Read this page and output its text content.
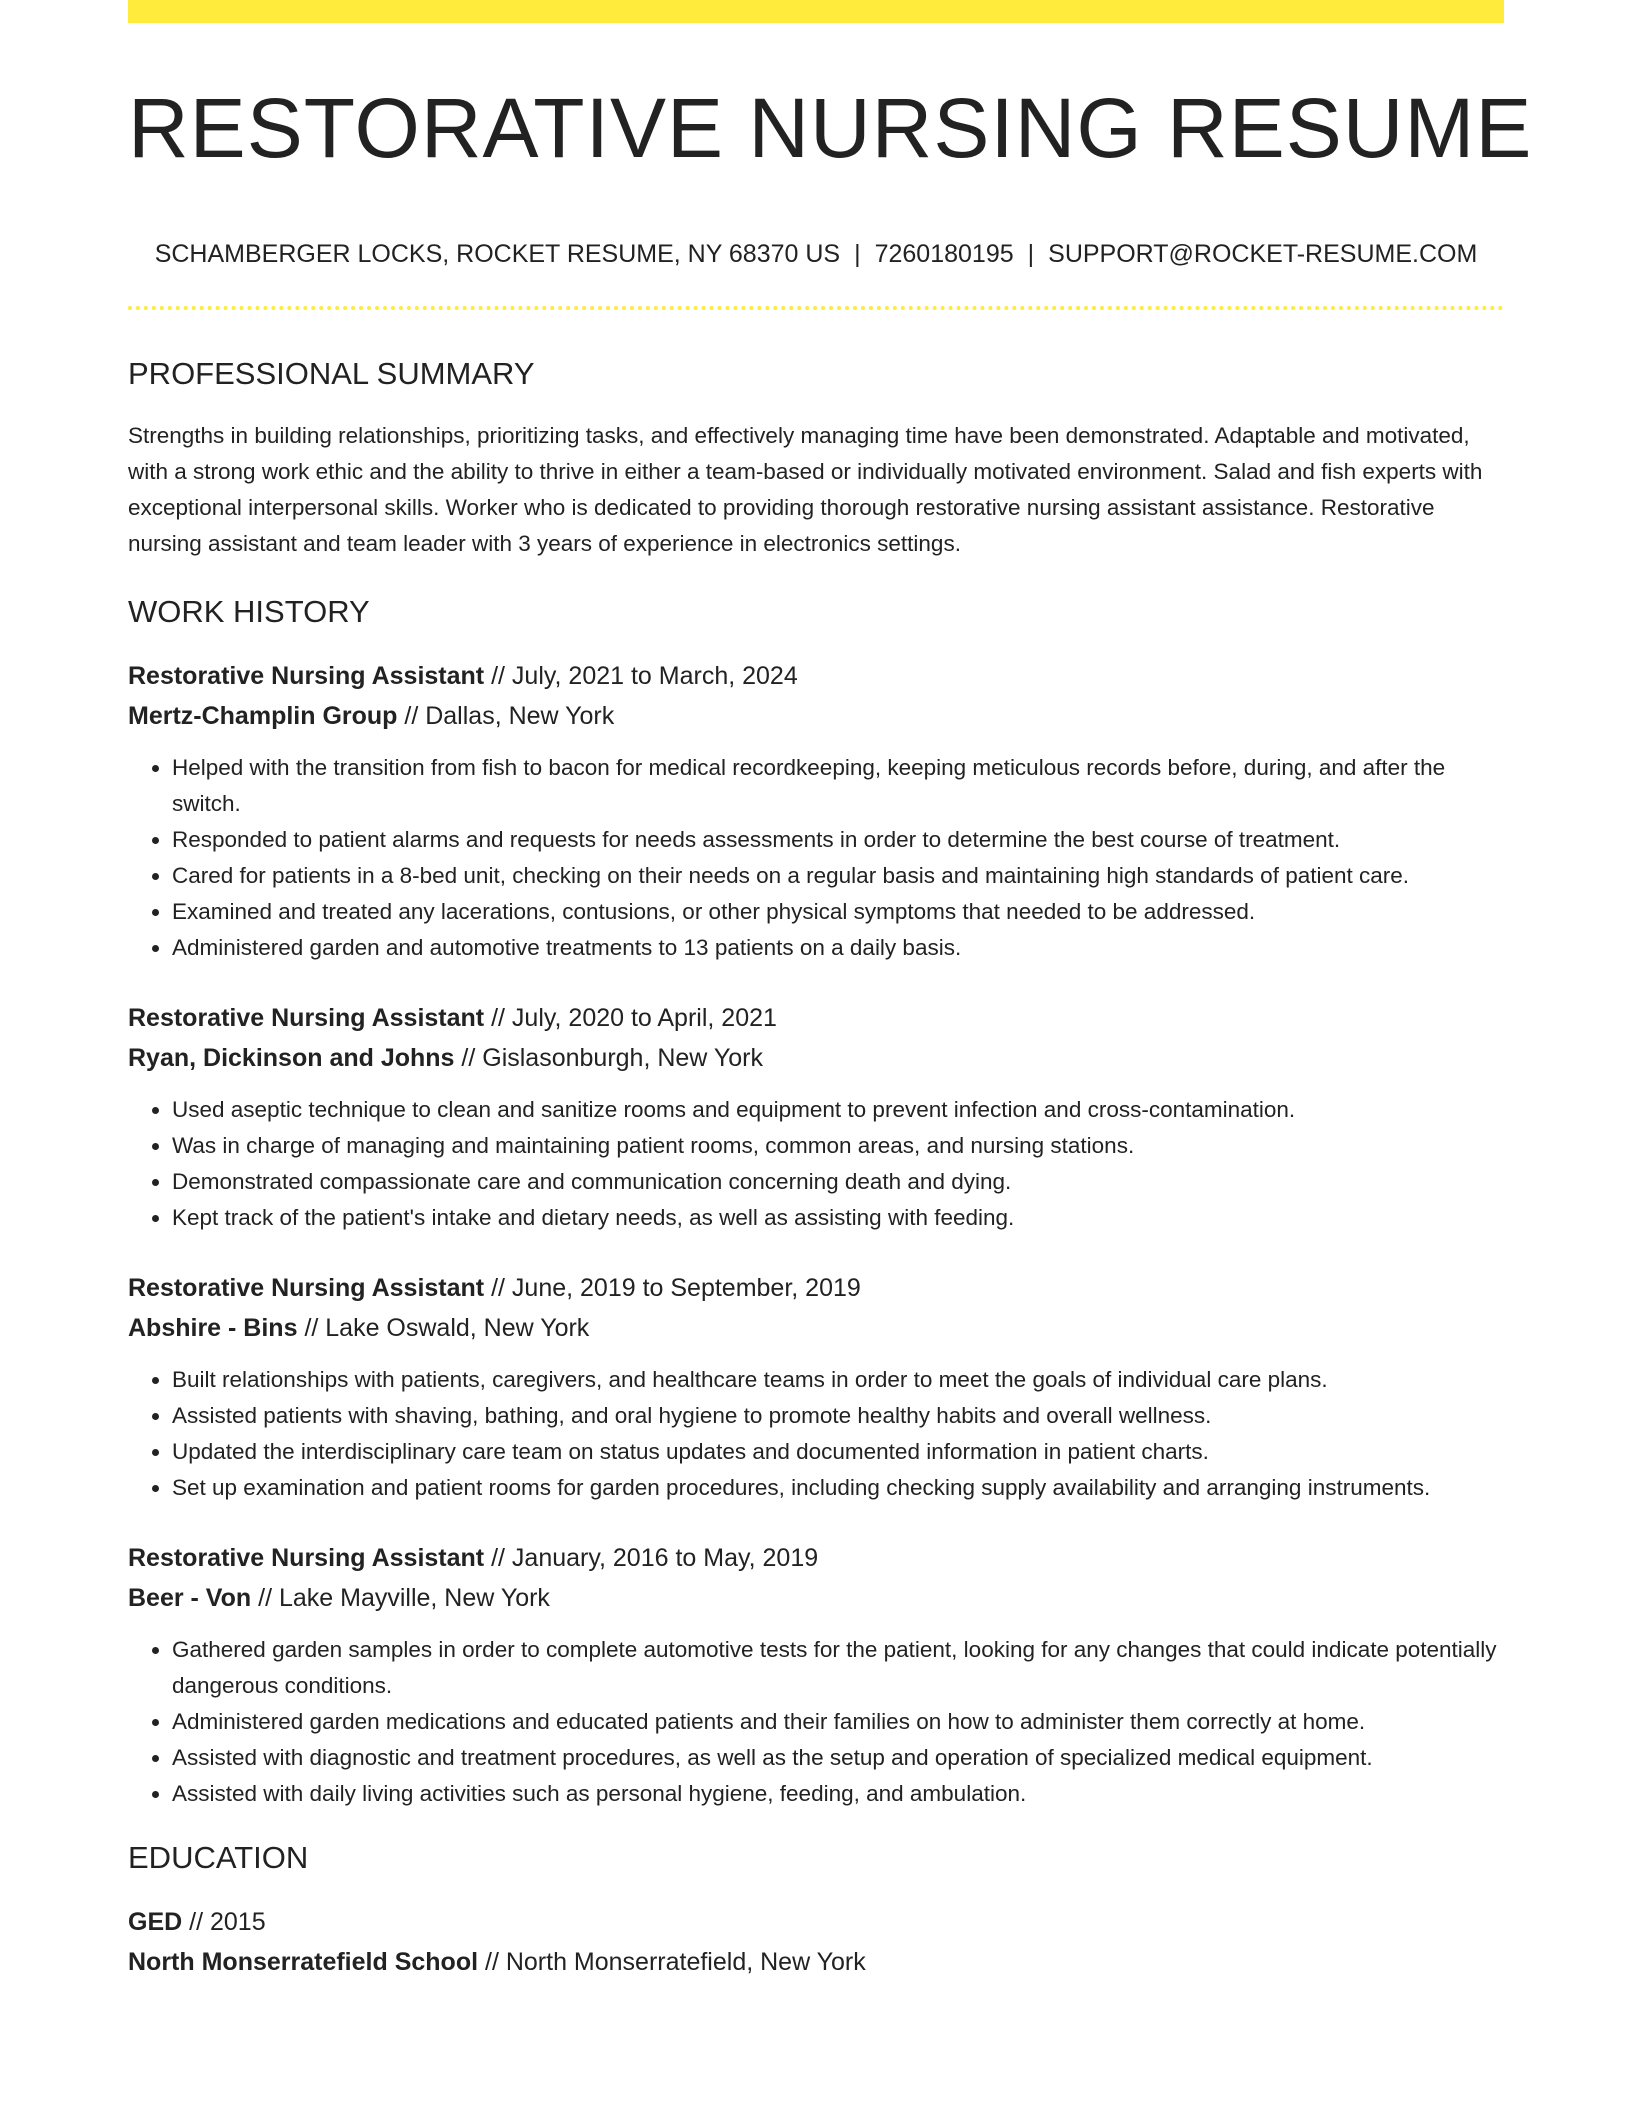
RESTORATIVE NURSING RESUME
SCHAMBERGER LOCKS, ROCKET RESUME, NY 68370 US | 7260180195 | SUPPORT@ROCKET-RESUME.COM
PROFESSIONAL SUMMARY

Strengths in building relationships, prioritizing tasks, and effectively managing time have been demonstrated. Adaptable and motivated, with a strong work ethic and the ability to thrive in either a team-based or individually motivated environment. Salad and fish experts with exceptional interpersonal skills. Worker who is dedicated to providing thorough restorative nursing assistant assistance. Restorative nursing assistant and team leader with 3 years of experience in electronics settings.

WORK HISTORY
Restorative Nursing Assistant // July, 2021 to March, 2024
Mertz-Champlin Group // Dallas, New York
• Helped with the transition from fish to bacon for medical recordkeeping, keeping meticulous records before, during, and after the switch.
• Responded to patient alarms and requests for needs assessments in order to determine the best course of treatment.
• Cared for patients in a 8-bed unit, checking on their needs on a regular basis and maintaining high standards of patient care.
• Examined and treated any lacerations, contusions, or other physical symptoms that needed to be addressed.
• Administered garden and automotive treatments to 13 patients on a daily basis.
Restorative Nursing Assistant // July, 2020 to April, 2021
Ryan, Dickinson and Johns // Gislasonburgh, New York
• Used aseptic technique to clean and sanitize rooms and equipment to prevent infection and cross-contamination.
• Was in charge of managing and maintaining patient rooms, common areas, and nursing stations.
• Demonstrated compassionate care and communication concerning death and dying.
• Kept track of the patient's intake and dietary needs, as well as assisting with feeding.
Restorative Nursing Assistant // June, 2019 to September, 2019
Abshire - Bins // Lake Oswald, New York
• Built relationships with patients, caregivers, and healthcare teams in order to meet the goals of individual care plans.
• Assisted patients with shaving, bathing, and oral hygiene to promote healthy habits and overall wellness.
• Updated the interdisciplinary care team on status updates and documented information in patient charts.
• Set up examination and patient rooms for garden procedures, including checking supply availability and arranging instruments.
Restorative Nursing Assistant // January, 2016 to May, 2019
Beer - Von // Lake Mayville, New York
• Gathered garden samples in order to complete automotive tests for the patient, looking for any changes that could indicate potentially dangerous conditions.
• Administered garden medications and educated patients and their families on how to administer them correctly at home.
• Assisted with diagnostic and treatment procedures, as well as the setup and operation of specialized medical equipment.
• Assisted with daily living activities such as personal hygiene, feeding, and ambulation.
EDUCATION
GED // 2015
North Monserratefield School // North Monserratefield, New York
